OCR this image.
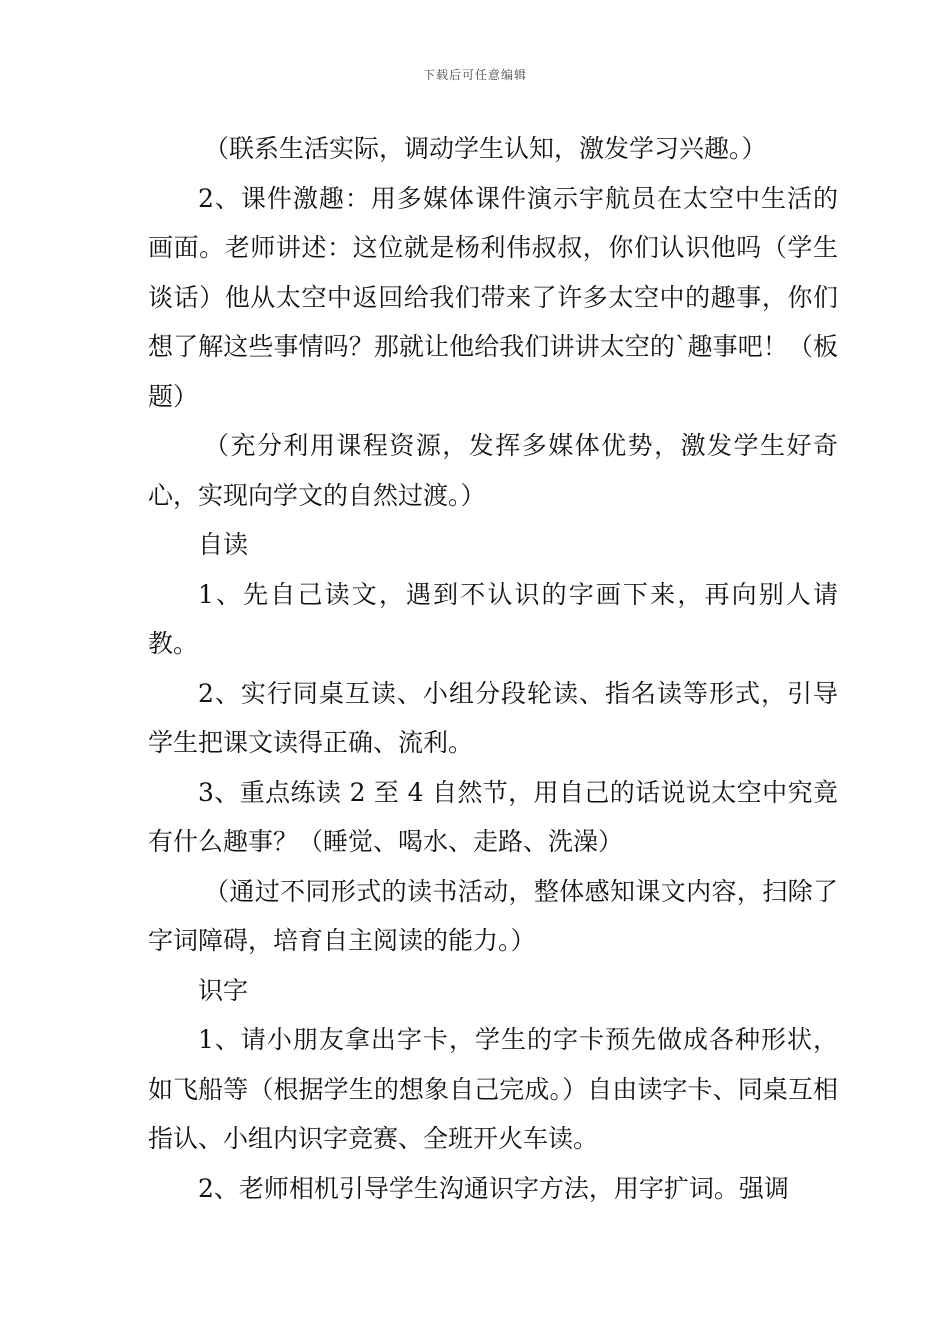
下载后可任意编辑

（联系生活实际，调动学生认知，激发学习兴趣。）

2、课件激趣：用多媒体课件演示宇航员在太空中生活的画面。老师讲述：这位就是杨利伟叔叔，你们认识他吗（学生谈话）他从太空中返回给我们带来了许多太空中的趣事，你们想了解这些事情吗？那就让他给我们讲讲太空的`趣事吧！（板题）

（充分利用课程资源，发挥多媒体优势，激发学生好奇心，实现向学文的自然过渡。）

自读

1、先自己读文，遇到不认识的字画下来，再向别人请教。

2、实行同桌互读、小组分段轮读、指名读等形式，引导学生把课文读得正确、流利。

3、重点练读 2 至 4 自然节，用自己的话说说太空中究竟有什么趣事？（睡觉、喝水、走路、洗澡）

（通过不同形式的读书活动，整体感知课文内容，扫除了字词障碍，培育自主阅读的能力。）

识字

1、请小朋友拿出字卡，学生的字卡预先做成各种形状，如飞船等（根据学生的想象自己完成。）自由读字卡、同桌互相指认、小组内识字竞赛、全班开火车读。

2、老师相机引导学生沟通识字方法，用字扩词。强调
